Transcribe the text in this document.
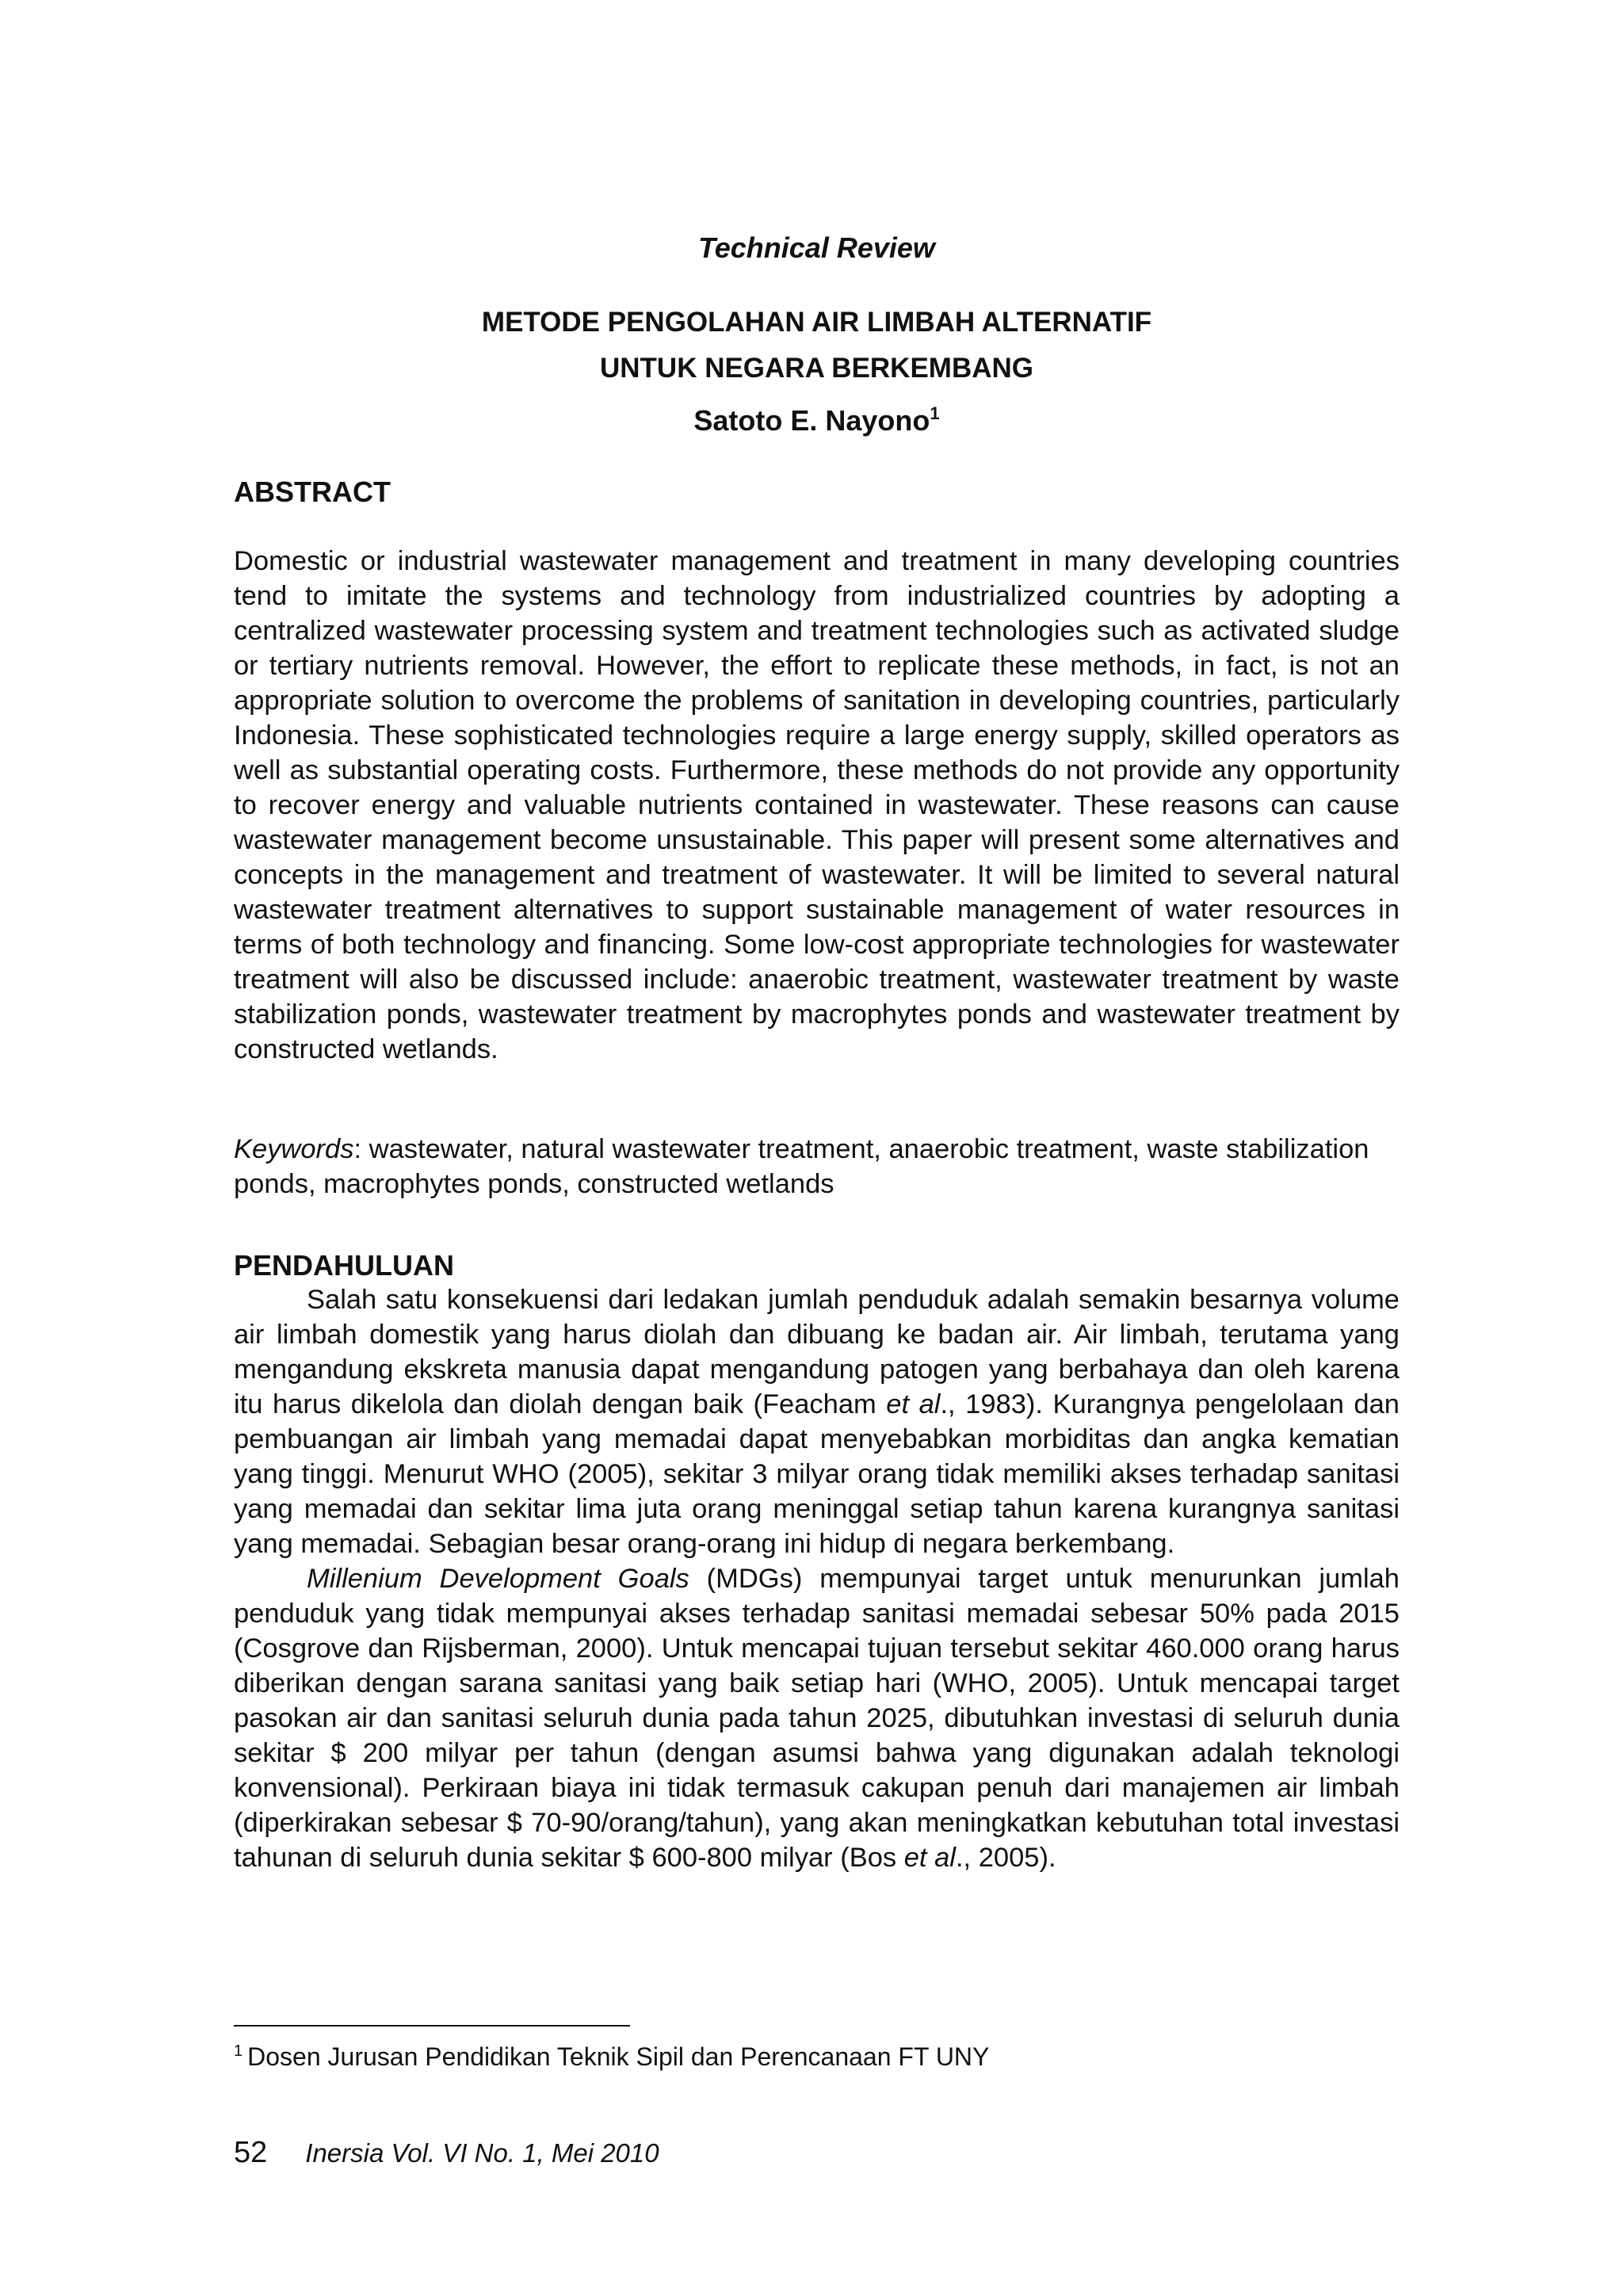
Technical Review

METODE PENGOLAHAN AIR LIMBAH ALTERNATIF
UNTUK NEGARA BERKEMBANG

Satoto E. Nayono$^1$

ABSTRACT

Domestic or industrial wastewater management and treatment in many developing countries tend to imitate the systems and technology from industrialized countries by adopting a centralized wastewater processing system and treatment technologies such as activated sludge or tertiary nutrients removal. However, the effort to replicate these methods, in fact, is not an appropriate solution to overcome the problems of sanitation in developing countries, particularly Indonesia. These sophisticated technologies require a large energy supply, skilled operators as well as substantial operating costs. Furthermore, these methods do not provide any opportunity to recover energy and valuable nutrients contained in wastewater. These reasons can cause wastewater management become unsustainable. This paper will present some alternatives and concepts in the management and treatment of wastewater. It will be limited to several natural wastewater treatment alternatives to support sustainable management of water resources in terms of both technology and financing. Some low-cost appropriate technologies for wastewater treatment will also be discussed include: anaerobic treatment, wastewater treatment by waste stabilization ponds, wastewater treatment by macrophytes ponds and wastewater treatment by constructed wetlands.

Keywords: wastewater, natural wastewater treatment, anaerobic treatment, waste stabilization ponds, macrophytes ponds, constructed wetlands

PENDAHULUAN

Salah satu konsekuensi dari ledakan jumlah penduduk adalah semakin besarnya volume air limbah domestik yang harus diolah dan dibuang ke badan air. Air limbah, terutama yang mengandung ekskreta manusia dapat mengandung patogen yang berbahaya dan oleh karena itu harus dikelola dan diolah dengan baik (Feacham et al., 1983). Kurangnya pengelolaan dan pembuangan air limbah yang memadai dapat menyebabkan morbiditas dan angka kematian yang tinggi. Menurut WHO (2005), sekitar 3 milyar orang tidak memiliki akses terhadap sanitasi yang memadai dan sekitar lima juta orang meninggal setiap tahun karena kurangnya sanitasi yang memadai. Sebagian besar orang-orang ini hidup di negara berkembang.

Millenium Development Goals (MDGs) mempunyai target untuk menurunkan jumlah penduduk yang tidak mempunyai akses terhadap sanitasi memadai sebesar 50% pada 2015 (Cosgrove dan Rijsberman, 2000). Untuk mencapai tujuan tersebut sekitar 460.000 orang harus diberikan dengan sarana sanitasi yang baik setiap hari (WHO, 2005). Untuk mencapai target pasokan air dan sanitasi seluruh dunia pada tahun 2025, dibutuhkan investasi di seluruh dunia sekitar $ 200 milyar per tahun (dengan asumsi bahwa yang digunakan adalah teknologi konvensional). Perkiraan biaya ini tidak termasuk cakupan penuh dari manajemen air limbah (diperkirakan sebesar $ 70-90/orang/tahun), yang akan meningkatkan kebutuhan total investasi tahunan di seluruh dunia sekitar $ 600-800 milyar (Bos et al., 2005).

$^1$ Dosen Jurusan Pendidikan Teknik Sipil dan Perencanaan FT UNY

52 Inersia Vol. VI No. 1, Mei 2010
